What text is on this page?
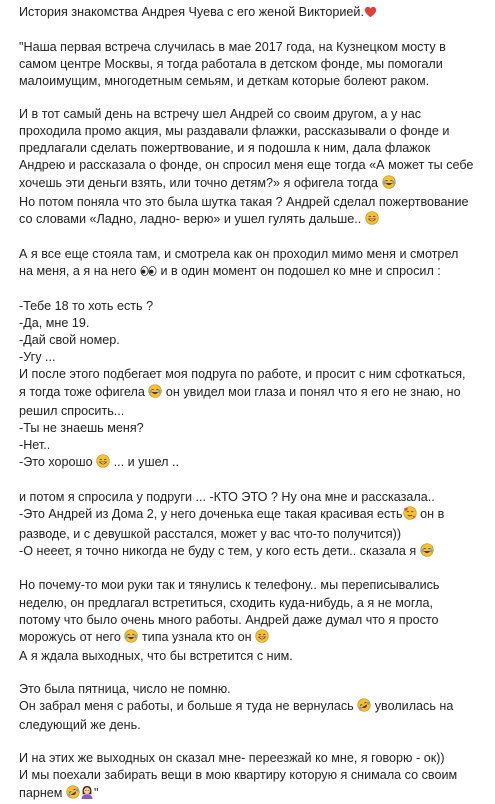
История знакомства Андрея Чуева с его женой Викторией.
"Наша первая встреча случилась в мае 2017 года, на Кузнецком мосту в
самом центре Москвы, я тогда работала в детском фонде, мы помогали
малоимущим, многодетным семьям, и деткам которые болеют раком.
И в тот самый день на встречу шел Андрей со своим другом, а у нас
проходила промо акция, мы раздавали флажки, рассказывали о фонде и
предлагали сделать пожертвование, и я подошла к ним, дала флажок
Андрею и рассказала о фонде, он спросил меня еще тогда «А может ты себе
хочешь эти деньги взять, или точно детям?» я офигела тогда
Но потом поняла что это была шутка такая ? Андрей сделал пожертвование
со словами «Ладно, ладно- верю» и ушел гулять дальше..
А я все еще стояла там, и смотрела как он проходил мимо меня и смотрел
на меня, а я на него  и в один момент он подошел ко мне и спросил :
-Тебе 18 то хоть есть ?
-Да, мне 19.
-Дай свой номер.
-Угу ...
И после этого подбегает моя подруга по работе, и просит с ним сфоткаться,
я тогда тоже офигела  он увидел мои глаза и понял что я его не знаю, но
решил спросить...
-Ты не знаешь меня?
-Нет..
-Это хорошо  ... и ушел ..
и потом я спросила у подруги ... -КТО ЭТО ? Ну она мне и рассказала..
-Это Андрей из Дома 2, у него доченька еще такая красивая есть он в
разводе, и с девушкой расстался, может у вас что-то получится))
-О нееет, я точно никогда не буду с тем, у кого есть дети.. сказала я
Но почему-то мои руки так и тянулись к телефону.. мы переписывались
неделю, он предлагал встретиться, сходить куда-нибудь, а я не могла,
потому что было очень много работы. Андрей даже думал что я просто
морожусь от него  типа узнала кто он
А я ждала выходных, что бы встретится с ним.
Это была пятница, число не помню.
Он забрал меня с работы, и больше я туда не вернулась  уволилась на
следующий же день.
И на этих же выходных он сказал мне- переезжай ко мне, я говорю - ок))
И мы поехали забирать вещи в мою квартиру которую я снимала со своим
парнем "
